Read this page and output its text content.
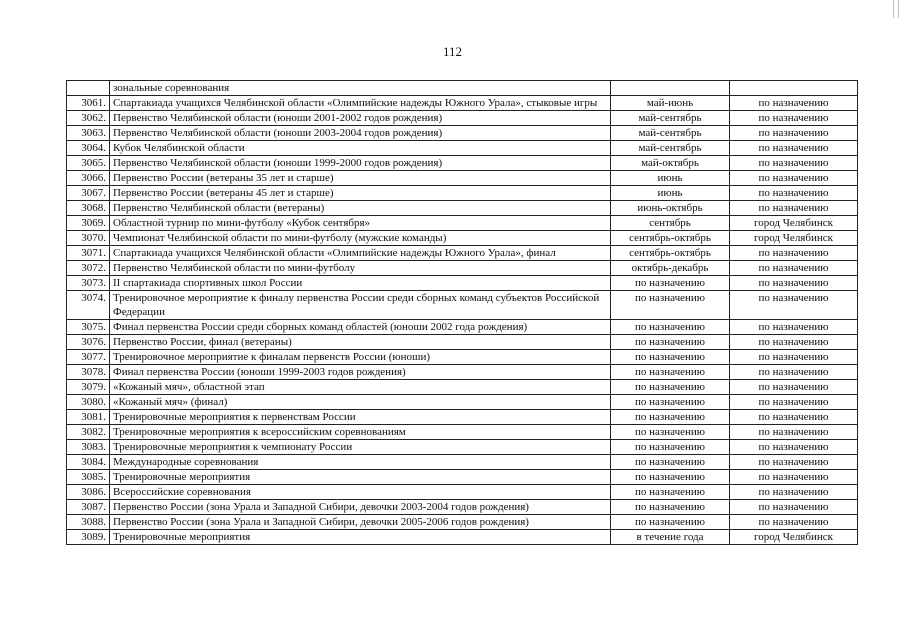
112
	зональные соревнования		
3061.	Спартакиада учащихся Челябинской области «Олимпийские надежды Южного Урала», стыковые игры	май-июнь	по назначению
3062.	Первенство Челябинской области (юноши 2001-2002 годов рождения)	май-сентябрь	по назначению
3063.	Первенство Челябинской области (юноши 2003-2004 годов рождения)	май-сентябрь	по назначению
3064.	Кубок Челябинской области	май-сентябрь	по назначению
3065.	Первенство Челябинской области (юноши 1999-2000 годов рождения)	май-октябрь	по назначению
3066.	Первенство России (ветераны 35 лет и старше)	июнь	по назначению
3067.	Первенство России (ветераны 45 лет и старше)	июнь	по назначению
3068.	Первенство Челябинской области (ветераны)	июнь-октябрь	по назначению
3069.	Областной турнир по мини-футболу «Кубок сентября»	сентябрь	город Челябинск
3070.	Чемпионат Челябинской области по мини-футболу (мужские команды)	сентябрь-октябрь	город Челябинск
3071.	Спартакиада учащихся Челябинской области «Олимпийские надежды Южного Урала», финал	сентябрь-октябрь	по назначению
3072.	Первенство Челябинской области по мини-футболу	октябрь-декабрь	по назначению
3073.	II спартакиада спортивных школ России	по назначению	по назначению
3074.	Тренировочное мероприятие к финалу первенства России среди сборных команд субъектов Российской Федерации	по назначению	по назначению
3075.	Финал первенства России среди сборных команд областей (юноши 2002 года рождения)	по назначению	по назначению
3076.	Первенство России, финал (ветераны)	по назначению	по назначению
3077.	Тренировочное мероприятие к финалам первенств России (юноши)	по назначению	по назначению
3078.	Финал первенства России (юноши 1999-2003 годов рождения)	по назначению	по назначению
3079.	«Кожаный мяч», областной этап	по назначению	по назначению
3080.	«Кожаный мяч» (финал)	по назначению	по назначению
3081.	Тренировочные мероприятия к первенствам России	по назначению	по назначению
3082.	Тренировочные мероприятия к всероссийским соревнованиям	по назначению	по назначению
3083.	Тренировочные мероприятия к чемпионату России	по назначению	по назначению
3084.	Международные соревнования	по назначению	по назначению
3085.	Тренировочные мероприятия	по назначению	по назначению
3086.	Всероссийские соревнования	по назначению	по назначению
3087.	Первенство России (зона Урала и Западной Сибири, девочки 2003-2004 годов рождения)	по назначению	по назначению
3088.	Первенство России (зона Урала и Западной Сибири, девочки 2005-2006 годов рождения)	по назначению	по назначению
3089.	Тренировочные мероприятия	в течение года	город Челябинск
